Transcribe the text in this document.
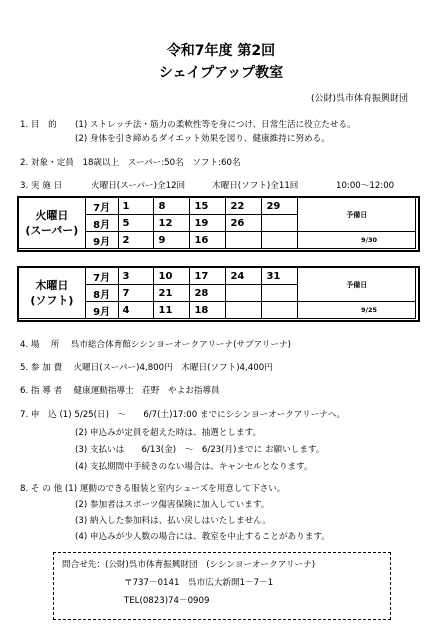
令和7年度 第2回
シェイプアップ教室
(公財)呉市体育振興財団
1. 目　的 (1) ストレッチ法・筋力の柔軟性等を身につけ、日常生活に役立たせる。
(2) 身体を引き締めるダイエット効果を図り、健康維持に努める。
2. 対象・定員　18歳以上　スーパー:50名　ソフト:60名
3. 実 施 日	火曜日(スーパー)全12回	木曜日(ソフト)全11回	10:00～12:00
火曜日
(スーパー)	7月	1	8	15	22	29	予備日
	8月	5	12	19	26		
	9月	2	9	16			9/30
木曜日
(ソフト)	7月	3	10	17	24	31	予備日
	8月	7	21	28			
	9月	4	11	18			9/25
4. 場　 所　 呉市総合体育館シシンヨーオークアリーナ(サブアリーナ)
5. 参 加 費　 火曜日(スーパー)4,800円　木曜日(ソフト)4,400円
6. 指 導 者　 健康運動指導士　荘野　やよお指導員
7. 申　込 (1) 5/25(日)　～　　6/7(土)17:00 までにシシンヨーオークアリーナへ。
(2) 申込みが定員を超えた時は、抽選とします。
(3) 支払いは　　6/13(金)　～　6/23(月)までに お願いします。
(4) 支払期間中手続きのない場合は、キャンセルとなります。
8. そ の 他 (1) 運動のできる服装と室内シューズを用意して下さい。
(2) 参加者はスポーツ傷害保険に加入しています。
(3) 納入した参加料は、払い戻しはいたしません。
(4) 申込みが少人数の場合には、教室を中止することがあります。
問合せ先：(公財)呉市体育振興財団　(シシンヨーオークアリーナ)
〒737－0141　呉市広大新開1－7－1
TEL(0823)74－0909
